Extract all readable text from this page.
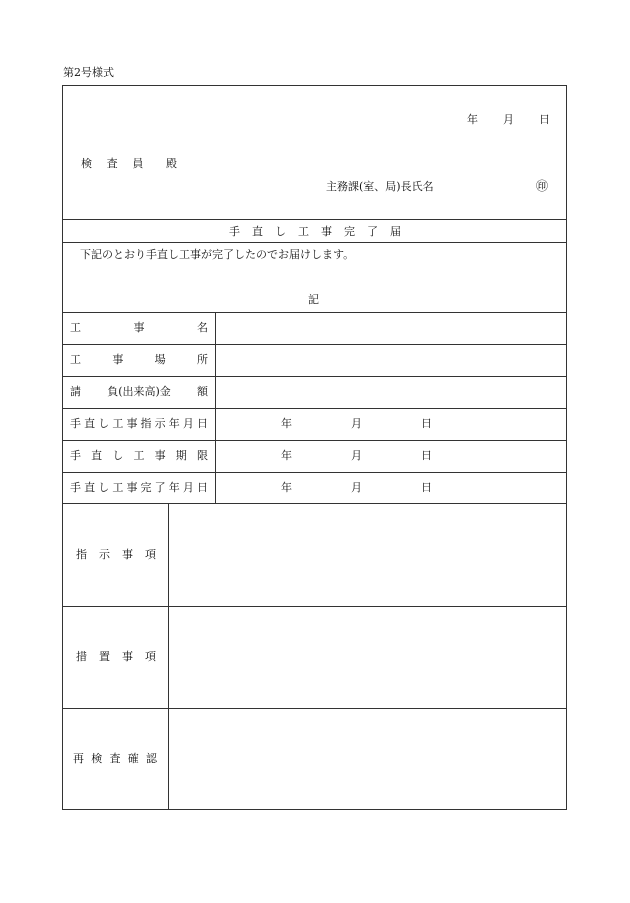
第2号様式
年 月 日
検 査 員 殿
主務課(室、局)長氏名	㊞
手 直 し 工 事 完 了 届
下記のとおり手直し工事が完了したのでお届けします。
記
工	事	名
工	事	場	所
請 負(出来高)金 額
手 直 し 工 事 指 示 年 月 日	年	月	日
手 直 し 工 事 期 限	年	月	日
手 直 し 工 事 完 了 年 月 日	年	月	日
指 示 事 項
措 置 事 項
再 検 査 確 認
